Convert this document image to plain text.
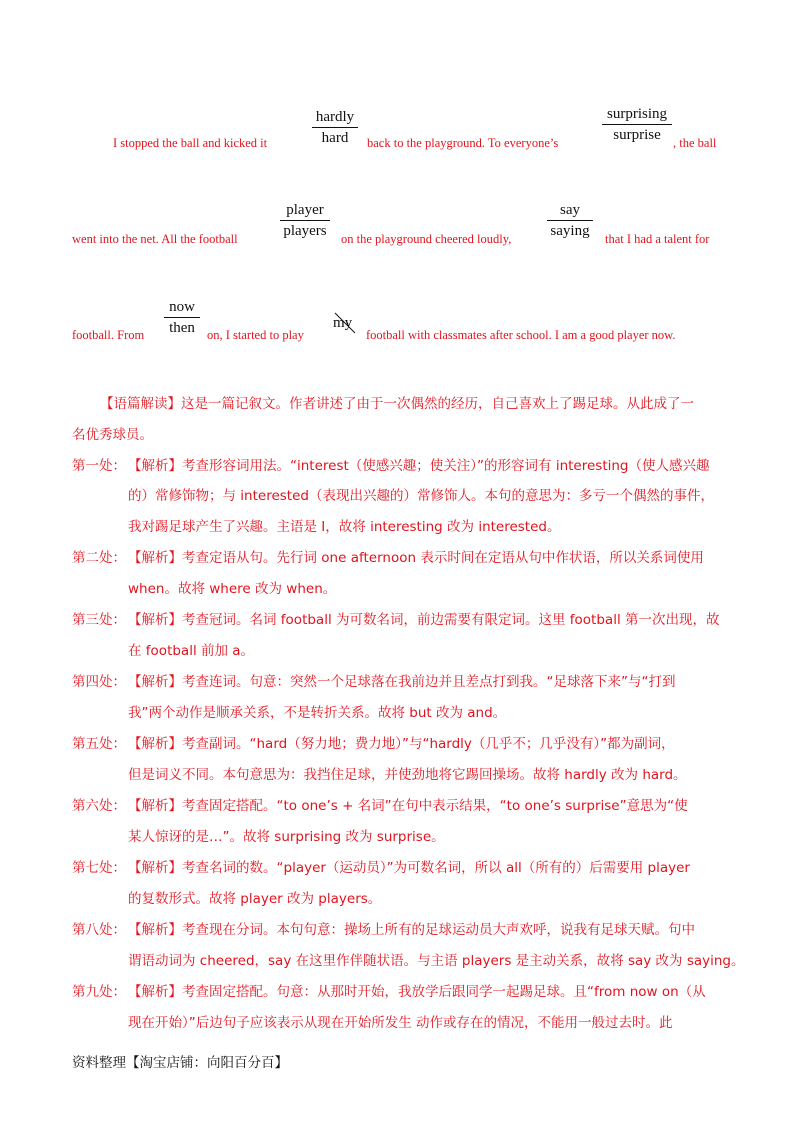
I stopped the ball and kicked it
hardly
hard	back to the playground. To everyone’s
surprising
surprise , the ball
went into the net. All the football
player
players on the playground cheered loudly,
say
saying that I had a talent for
football. From
now
then on, I started to play
my
football with classmates after school. I am a good player now.
【语篇解读】这是一篇记叙文。作者讲述了由于一次偶然的经历，自己喜欢上了踢足球。从此成了一
名优秀球员。
第一处： 【解析】考查形容词用法。“interest（使感兴趣；使关注）”的形容词有 interesting（使人感兴趣
的）常修饰物；与 interested（表现出兴趣的）常修饰人。本句的意思为：多亏一个偶然的事件，
我对踢足球产生了兴趣。主语是 I，故将 interesting 改为 interested。
第二处： 【解析】考查定语从句。先行词 one afternoon 表示时间在定语从句中作状语，所以关系词使用
when。故将 where 改为 when。
第三处： 【解析】考查冠词。名词 football 为可数名词，前边需要有限定词。这里 football 第一次出现，故
在 football 前加 a。
第四处： 【解析】考查连词。句意：突然一个足球落在我前边并且差点打到我。“足球落下来”与“打到
我”两个动作是顺承关系，不是转折关系。故将 but 改为 and。
第五处： 【解析】考查副词。“hard（努力地；费力地）”与“hardly（几乎不；几乎没有）”都为副词，
但是词义不同。本句意思为：我挡住足球，并使劲地将它踢回操场。故将 hardly 改为 hard。
第六处： 【解析】考查固定搭配。“to one’s + 名词”在句中表示结果，“to one’s surprise”意思为“使
某人惊讶的是…”。故将 surprising 改为 surprise。
第七处： 【解析】考查名词的数。“player（运动员）”为可数名词，所以 all（所有的）后需要用 player
的复数形式。故将 player 改为 players。
第八处： 【解析】考查现在分词。本句句意：操场上所有的足球运动员大声欢呼，说我有足球天赋。句中
谓语动词为 cheered，say 在这里作伴随状语。与主语 players 是主动关系，故将 say 改为 saying。
第九处： 【解析】考查固定搭配。句意：从那时开始，我放学后跟同学一起踢足球。且“from now on（从
现在开始）”后边句子应该表示从现在开始所发生 动作或存在的情况，不能用一般过去时。此
资料整理【淘宝店铺：向阳百分百】
